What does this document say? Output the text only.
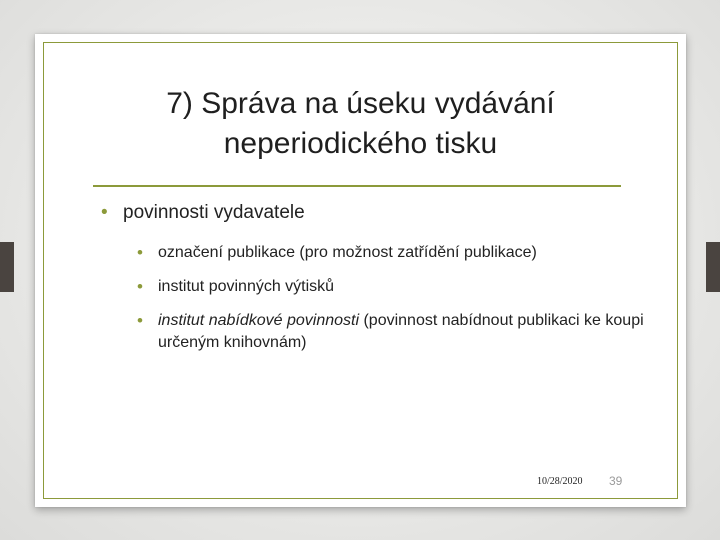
7) Správa na úseku vydávání
neperiodického tisku
• povinnosti vydavatele
• označení publikace (pro možnost zatřídění publikace)
• institut povinných výtisků
• institut nabídkové povinnosti (povinnost nabídnout publikaci ke koupi určeným knihovnám)
10/28/2020 39
